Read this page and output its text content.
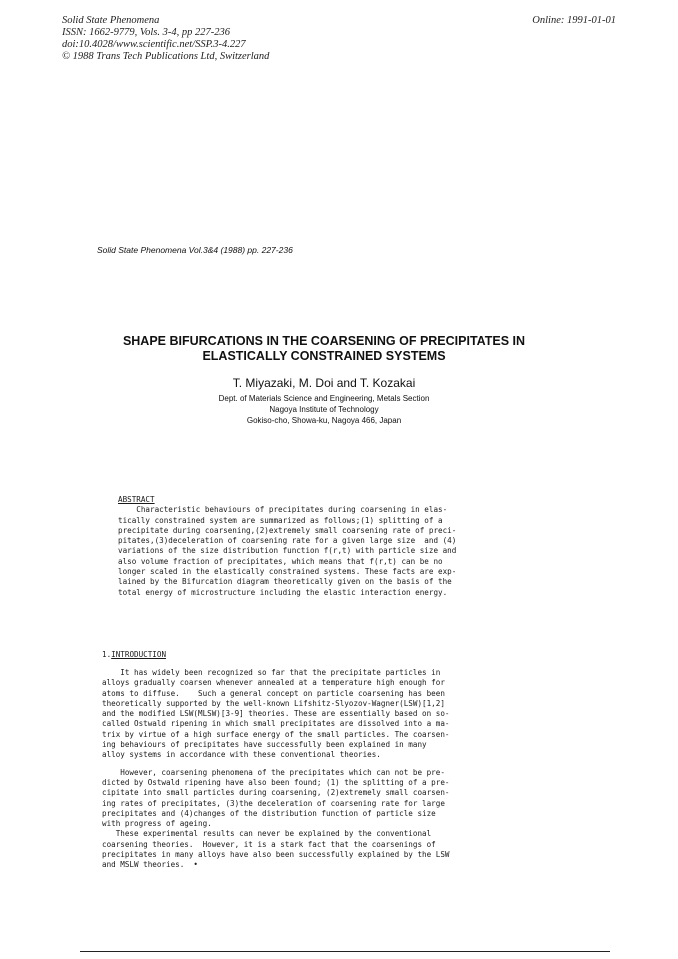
Solid State Phenomena
ISSN: 1662-9779, Vols. 3-4, pp 227-236
doi:10.4028/www.scientific.net/SSP.3-4.227
© 1988 Trans Tech Publications Ltd, Switzerland
Online: 1991-01-01
Solid State Phenomena Vol.3&4 (1988) pp. 227-236
SHAPE BIFURCATIONS IN THE COARSENING OF PRECIPITATES IN
ELASTICALLY CONSTRAINED SYSTEMS
T. Miyazaki, M. Doi and T. Kozakai
Dept. of Materials Science and Engineering, Metals Section
Nagoya Institute of Technology
Gokiso-cho, Showa-ku, Nagoya 466, Japan
ABSTRACT
Characteristic behaviours of precipitates during coarsening in elas-
tically constrained system are summarized as follows;(1) splitting of a
precipitate during coarsening,(2)extremely small coarsening rate of preci-
pitates,(3)deceleration of coarsening rate for a given large size  and (4)
variations of the size distribution function f(r,t) with particle size and
also volume fraction of precipitates, which means that f(r,t) can be no
longer scaled in the elastically constrained systems. These facts are exp-
lained by the Bifurcation diagram theoretically given on the basis of the
total energy of microstructure including the elastic interaction energy.
1.INTRODUCTION
It has widely been recognized so far that the precipitate particles in
alloys gradually coarsen whenever annealed at a temperature high enough for
atoms to diffuse.    Such a general concept on particle coarsening has been
theoretically supported by the well-known Lifshitz-Slyozov-Wagner(LSW)[1,2]
and the modified LSW(MLSW)[3-9] theories. These are essentially based on so-
called Ostwald ripening in which small precipitates are dissolved into a ma-
trix by virtue of a high surface energy of the small particles. The coarsen-
ing behaviours of precipitates have successfully been explained in many
alloy systems in accordance with these conventional theories.
However, coarsening phenomena of the precipitates which can not be pre-
dicted by Ostwald ripening have also been found; (1) the splitting of a pre-
cipitate into small particles during coarsening, (2)extremely small coarsen-
ing rates of precipitates, (3)the deceleration of coarsening rate for large
precipitates and (4)changes of the distribution function of particle size
with progress of ageing.
These experimental results can never be explained by the conventional
coarsening theories.  However, it is a stark fact that the coarsenings of
precipitates in many alloys have also been successfully explained by the LSW
and MSLW theories.  •
